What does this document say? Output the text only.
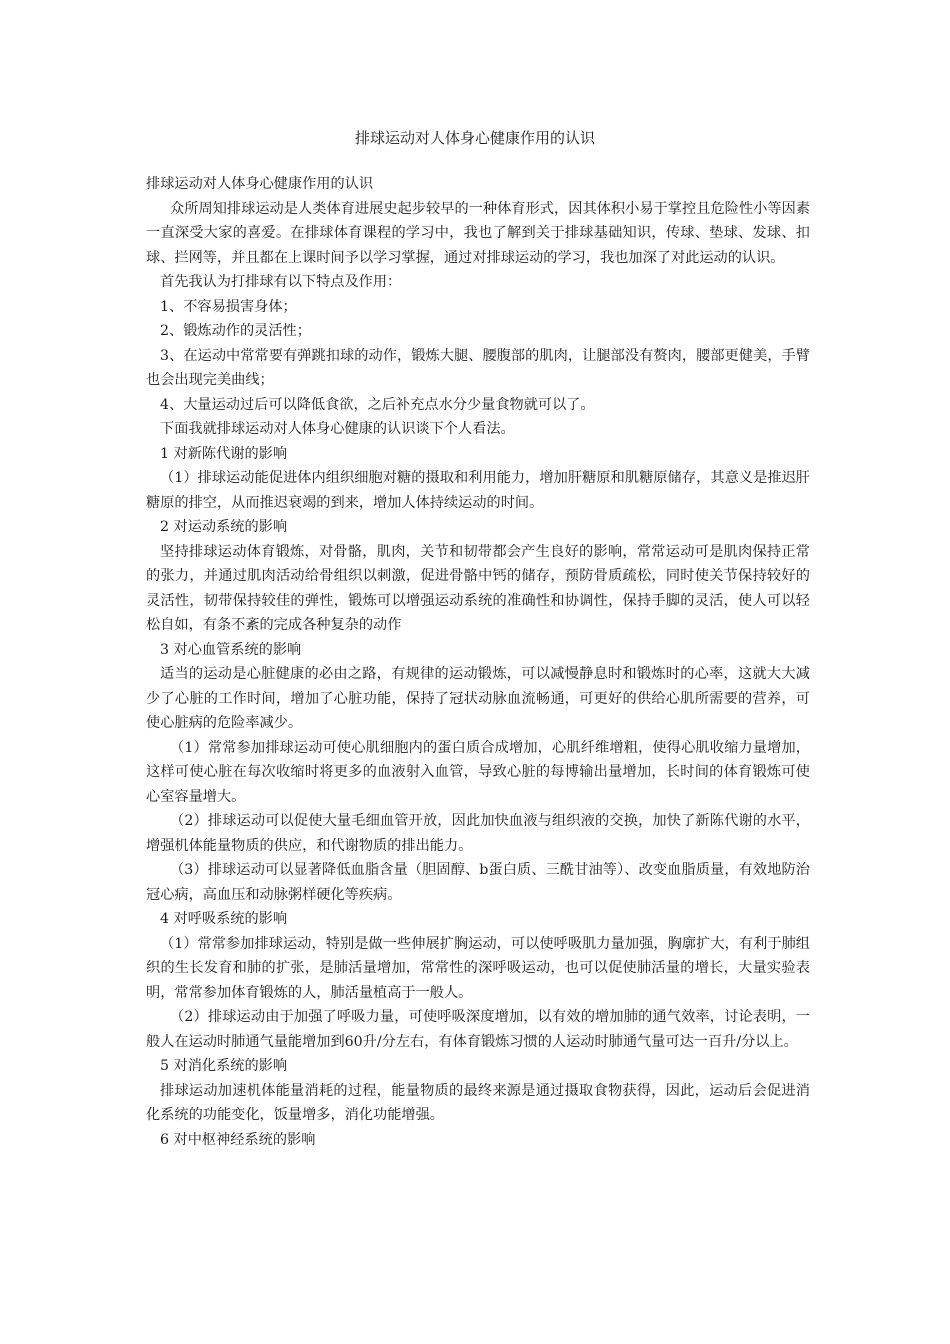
排球运动对人体身心健康作用的认识

排球运动对人体身心健康作用的认识

众所周知排球运动是人类体育进展史起步较早的一种体育形式，因其体积小易于掌控且危险性小等因素一直深受大家的喜爱。在排球体育课程的学习中，我也了解到关于排球基础知识，传球、垫球、发球、扣球、拦网等，并且都在上课时间予以学习掌握，通过对排球运动的学习，我也加深了对此运动的认识。

首先我认为打排球有以下特点及作用：

1、不容易损害身体；

2、锻炼动作的灵活性；

3、在运动中常常要有弹跳扣球的动作，锻炼大腿、腰腹部的肌肉，让腿部没有赘肉，腰部更健美，手臂也会出现完美曲线；

4、大量运动过后可以降低食欲，之后补充点水分少量食物就可以了。

下面我就排球运动对人体身心健康的认识谈下个人看法。

1 对新陈代谢的影响

（1）排球运动能促进体内组织细胞对糖的摄取和利用能力，增加肝糖原和肌糖原储存，其意义是推迟肝糖原的排空，从而推迟衰竭的到来，增加人体持续运动的时间。

2 对运动系统的影响

坚持排球运动体育锻炼，对骨骼，肌肉，关节和韧带都会产生良好的影响，常常运动可是肌肉保持正常的张力，并通过肌肉活动给骨组织以刺激，促进骨骼中钙的储存，预防骨质疏松，同时使关节保持较好的灵活性，韧带保持较佳的弹性，锻炼可以增强运动系统的准确性和协调性，保持手脚的灵活，使人可以轻松自如，有条不紊的完成各种复杂的动作

3 对心血管系统的影响

适当的运动是心脏健康的必由之路，有规律的运动锻炼，可以减慢静息时和锻炼时的心率，这就大大减少了心脏的工作时间，增加了心脏功能，保持了冠状动脉血流畅通，可更好的供给心肌所需要的营养，可使心脏病的危险率减少。

（1）常常参加排球运动可使心肌细胞内的蛋白质合成增加，心肌纤维增粗，使得心肌收缩力量增加，这样可使心脏在每次收缩时将更多的血液射入血管，导致心脏的每博输出量增加，长时间的体育锻炼可使心室容量增大。

（2）排球运动可以促使大量毛细血管开放，因此加快血液与组织液的交换，加快了新陈代谢的水平，增强机体能量物质的供应，和代谢物质的排出能力。

（3）排球运动可以显著降低血脂含量（胆固醇、b蛋白质、三酰甘油等）、改变血脂质量，有效地防治冠心病，高血压和动脉粥样硬化等疾病。

4 对呼吸系统的影响

（1）常常参加排球运动，特别是做一些伸展扩胸运动，可以使呼吸肌力量加强，胸廓扩大，有利于肺组织的生长发育和肺的扩张，是肺活量增加，常常性的深呼吸运动，也可以促使肺活量的增长，大量实验表明，常常参加体育锻炼的人，肺活量植高于一般人。

（2）排球运动由于加强了呼吸力量，可使呼吸深度增加，以有效的增加肺的通气效率，讨论表明，一般人在运动时肺通气量能增加到60升/分左右，有体育锻炼习惯的人运动时肺通气量可达一百升/分以上。

5 对消化系统的影响

排球运动加速机体能量消耗的过程，能量物质的最终来源是通过摄取食物获得，因此，运动后会促进消化系统的功能变化，饭量增多，消化功能增强。

6 对中枢神经系统的影响
